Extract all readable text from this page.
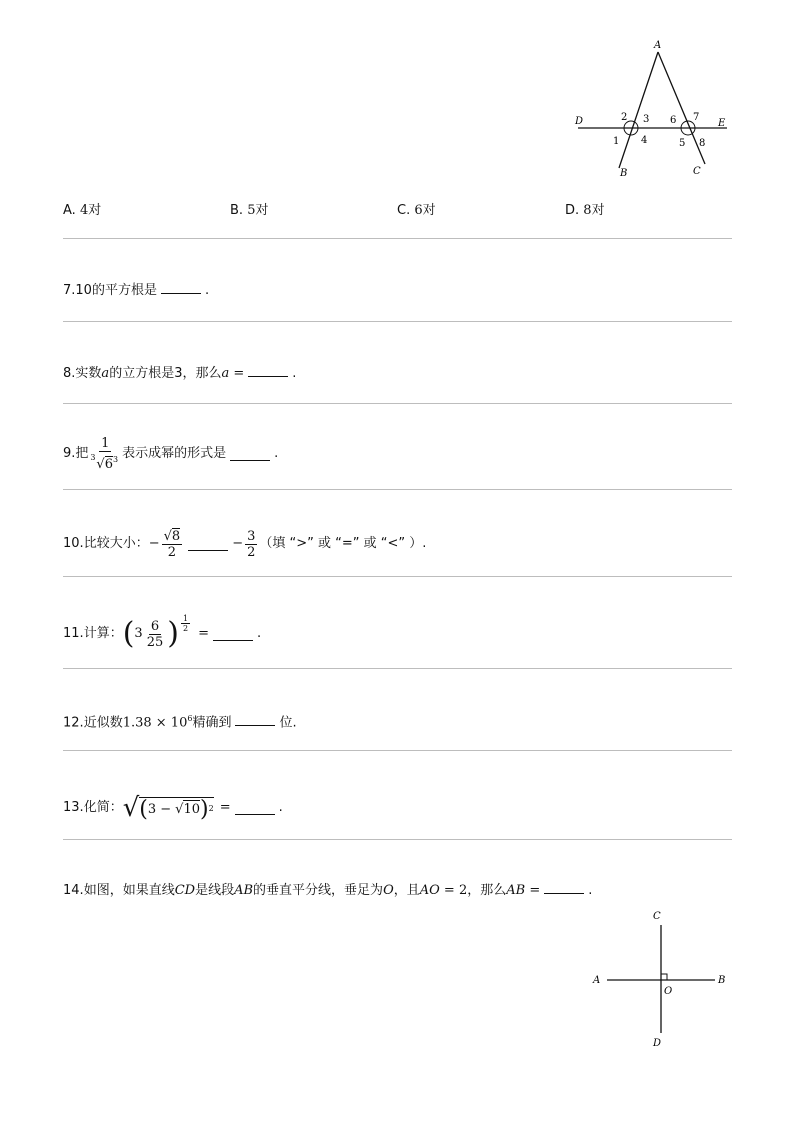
A
B	C
D	E
1
2 3
4	5
6 7
8
A. 4对	B. 5对	C. 6对	D. 8对
7.10的平方根是	.
8.实数a的立方根是3，那么a =	.
9. 把 $\frac{1}{3 √6^3}$ 表示成幂的形式是	.
10. 比较大小： − $\frac{√8}{2}$	− $\frac{3}{2}$ （填 “>” 或 “=” 或 “<” ）.
11. 计算： ( $3 \frac{6}{25}$ ) $\frac{1}{2}$
=	.
12.近似数$1.38 \times 10^6$精确到	位.
13. 化简： √ ( 3 − √ 10 ) 2 =	.
14.如图，如果直线CD是线段AB的垂直平分线，垂足为O，且AO = 2，那么AB =	.
C
D
A	B
O
